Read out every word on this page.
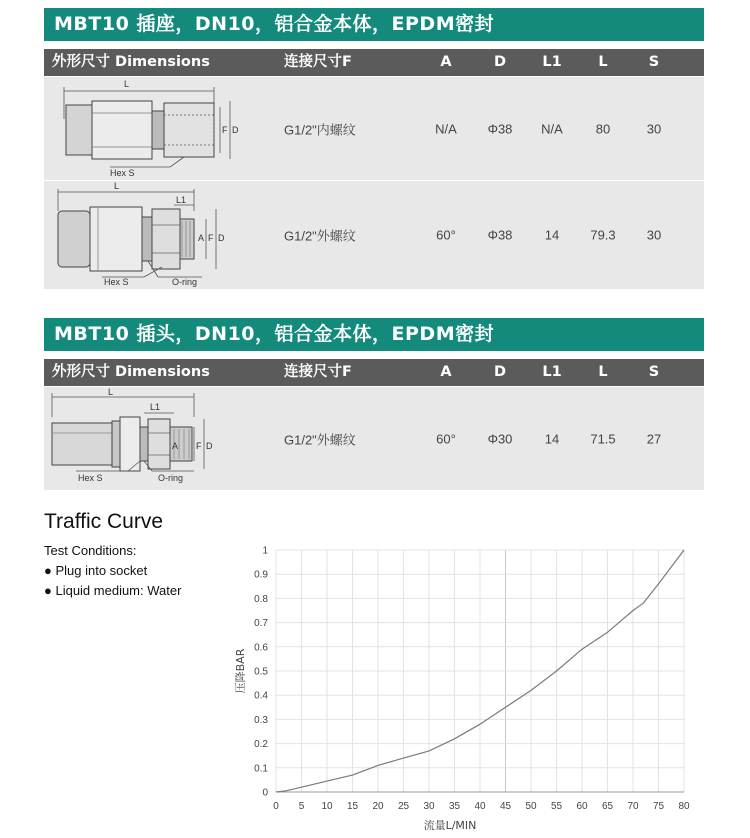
MBT10 插座，DN10，铝合金本体，EPDM密封
外形尺寸 Dimensions	连接尺寸F	A	D	L1	L	S
L
F D
Hex S
G1/2"内螺纹	N/A Φ38 N/A	80	30
L
L1
A F D
Hex S	O-ring
G1/2"外螺纹	60° Φ38 14 79.3 30
MBT10 插头，DN10，铝合金本体，EPDM密封
外形尺寸 Dimensions	连接尺寸F	A	D	L1	L	S
L
L1
A F D
Hex S	O-ring
G1/2"外螺纹	60° Φ30 14 71.5 27
Traffic Curve
Test Conditions:
● Plug into socket
● Liquid medium: Water
0 5 10 15 20 25 30 35 40 45 50 55 60 65 70 75 80
0
0.1
0.2
0.3
0.4
0.5
0.6
0.7
0.8
0.9
1
流量L/MIN
压降BAR
